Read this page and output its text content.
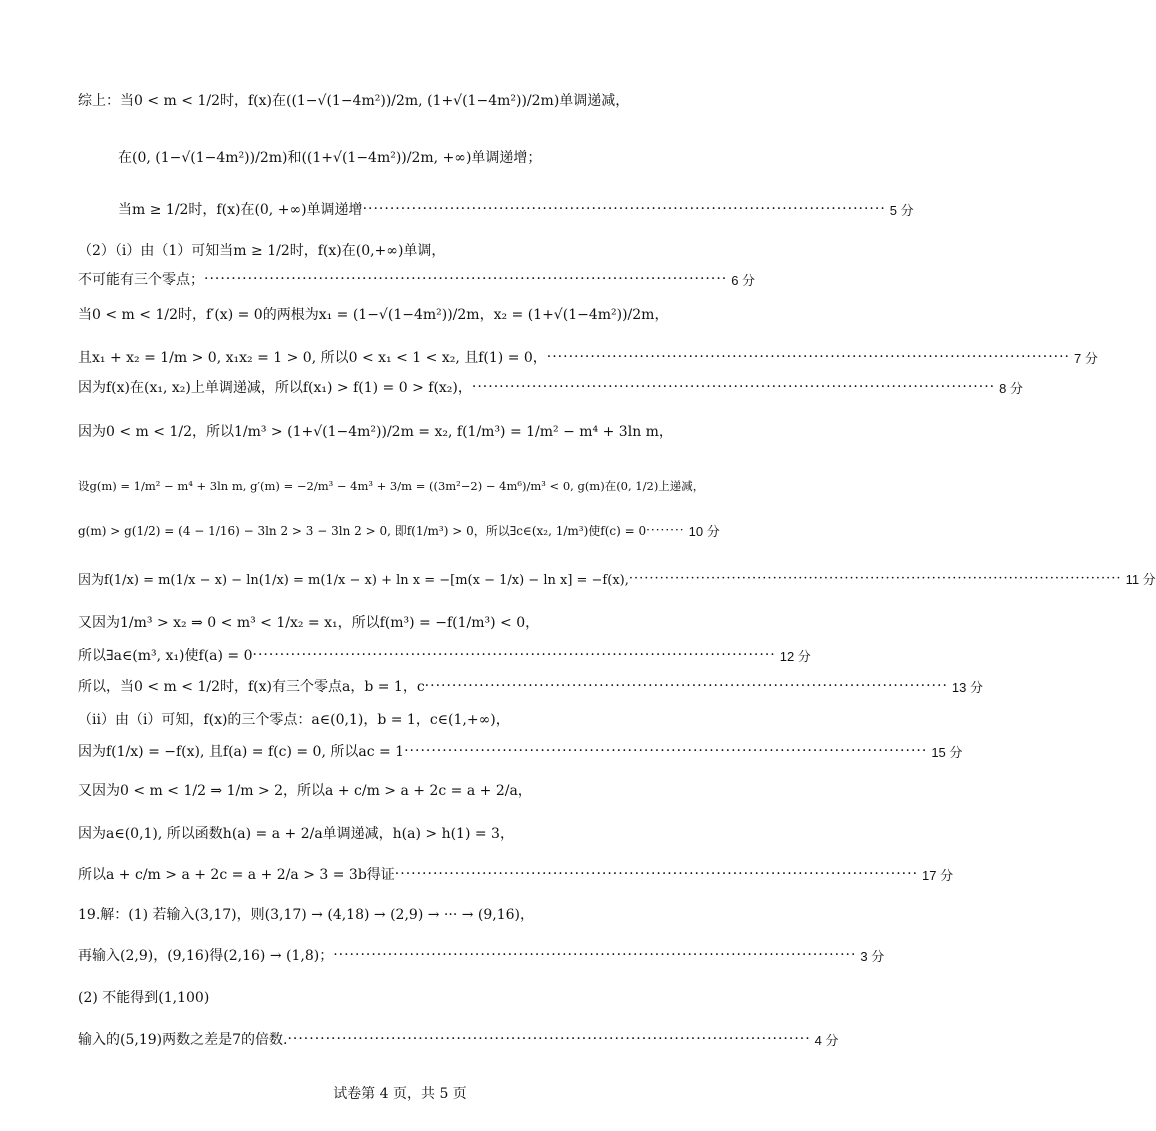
综上：当0 < m < 1/2时，f(x)在((1−√(1−4m²))/2m, (1+√(1−4m²))/2m)单调递减，
在(0, (1−√(1−4m²))/2m)和((1+√(1−4m²))/2m, +∞)单调递增；
当m ≥ 1/2时，f(x)在(0, +∞)单调递增 ································································································ 5 分
（2）（i）由（1）可知当m ≥ 1/2时，f(x)在(0,+∞)单调，
不可能有三个零点； ································································································ 6 分
当0 < m < 1/2时，f′(x) = 0的两根为x₁ = (1−√(1−4m²))/2m，x₂ = (1+√(1−4m²))/2m，
且x₁ + x₂ = 1/m > 0, x₁x₂ = 1 > 0, 所以0 < x₁ < 1 < x₂, 且f(1) = 0， ································································································ 7 分
因为f(x)在(x₁, x₂)上单调递减，所以f(x₁) > f(1) = 0 > f(x₂)， ································································································ 8 分
因为0 < m < 1/2，所以1/m³ > (1+√(1−4m²))/2m = x₂, f(1/m³) = 1/m² − m⁴ + 3ln m，
设g(m) = 1/m² − m⁴ + 3ln m, g′(m) = −2/m³ − 4m³ + 3/m = ((3m²−2) − 4m⁶)/m³ < 0, g(m)在(0, 1/2)上递减，
g(m) > g(1/2) = (4 − 1/16) − 3ln 2 > 3 − 3ln 2 > 0, 即f(1/m³) > 0，所以∃c∈(x₂, 1/m³)使f(c) = 0 ········ 10 分
因为f(1/x) = m(1/x − x) − ln(1/x) = m(1/x − x) + ln x = −[m(x − 1/x) − ln x] = −f(x), ································································································ 11 分
又因为1/m³ > x₂ ⇒ 0 < m³ < 1/x₂ = x₁，所以f(m³) = −f(1/m³) < 0，
所以∃a∈(m³, x₁)使f(a) = 0 ································································································ 12 分
所以，当0 < m < 1/2时，f(x)有三个零点a，b = 1，c ································································································ 13 分
（ii）由（i）可知，f(x)的三个零点：a∈(0,1)，b = 1，c∈(1,+∞)，
因为f(1/x) = −f(x), 且f(a) = f(c) = 0, 所以ac = 1 ································································································ 15 分
又因为0 < m < 1/2 ⇒ 1/m > 2，所以a + c/m > a + 2c = a + 2/a，
因为a∈(0,1), 所以函数h(a) = a + 2/a单调递减，h(a) > h(1) = 3，
所以a + c/m > a + 2c = a + 2/a > 3 = 3b得证 ································································································ 17 分
19.解：(1) 若输入(3,17)，则(3,17) → (4,18) → (2,9) → ··· → (9,16)，
再输入(2,9)，(9,16)得(2,16) → (1,8)； ································································································ 3 分
(2) 不能得到(1,100)
输入的(5,19)两数之差是7的倍数. ································································································ 4 分
试卷第 4 页，共 5 页
